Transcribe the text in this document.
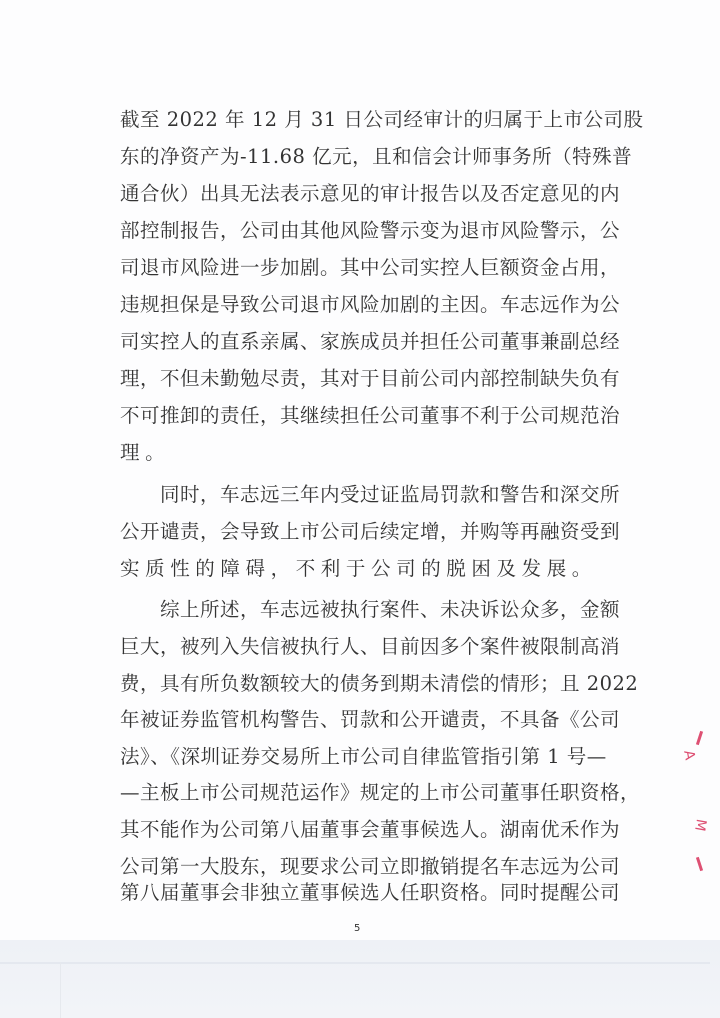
截至 2022 年 12 月 31 日公司经审计的归属于上市公司股
东的净资产为-11.68 亿元，且和信会计师事务所（特殊普
通合伙）出具无法表示意见的审计报告以及否定意见的内
部控制报告，公司由其他风险警示变为退市风险警示，公
司退市风险进一步加剧。其中公司实控人巨额资金占用，
违规担保是导致公司退市风险加剧的主因。车志远作为公
司实控人的直系亲属、家族成员并担任公司董事兼副总经
理，不但未勤勉尽责，其对于目前公司内部控制缺失负有
不可推卸的责任，其继续担任公司董事不利于公司规范治
理。
同时，车志远三年内受过证监局罚款和警告和深交所
公开谴责，会导致上市公司后续定增，并购等再融资受到
实质性的障碍，不利于公司的脱困及发展。
综上所述，车志远被执行案件、未决诉讼众多，金额
巨大，被列入失信被执行人、目前因多个案件被限制高消
费，具有所负数额较大的债务到期未清偿的情形；且 2022
年被证券监管机构警告、罚款和公开谴责，不具备《公司
法》、《深圳证券交易所上市公司自律监管指引第 1 号—
—主板上市公司规范运作》规定的上市公司董事任职资格，
其不能作为公司第八届董事会董事候选人。湖南优禾作为
公司第一大股东，现要求公司立即撤销提名车志远为公司
第八届董事会非独立董事候选人任职资格。同时提醒公司
5
A
M
